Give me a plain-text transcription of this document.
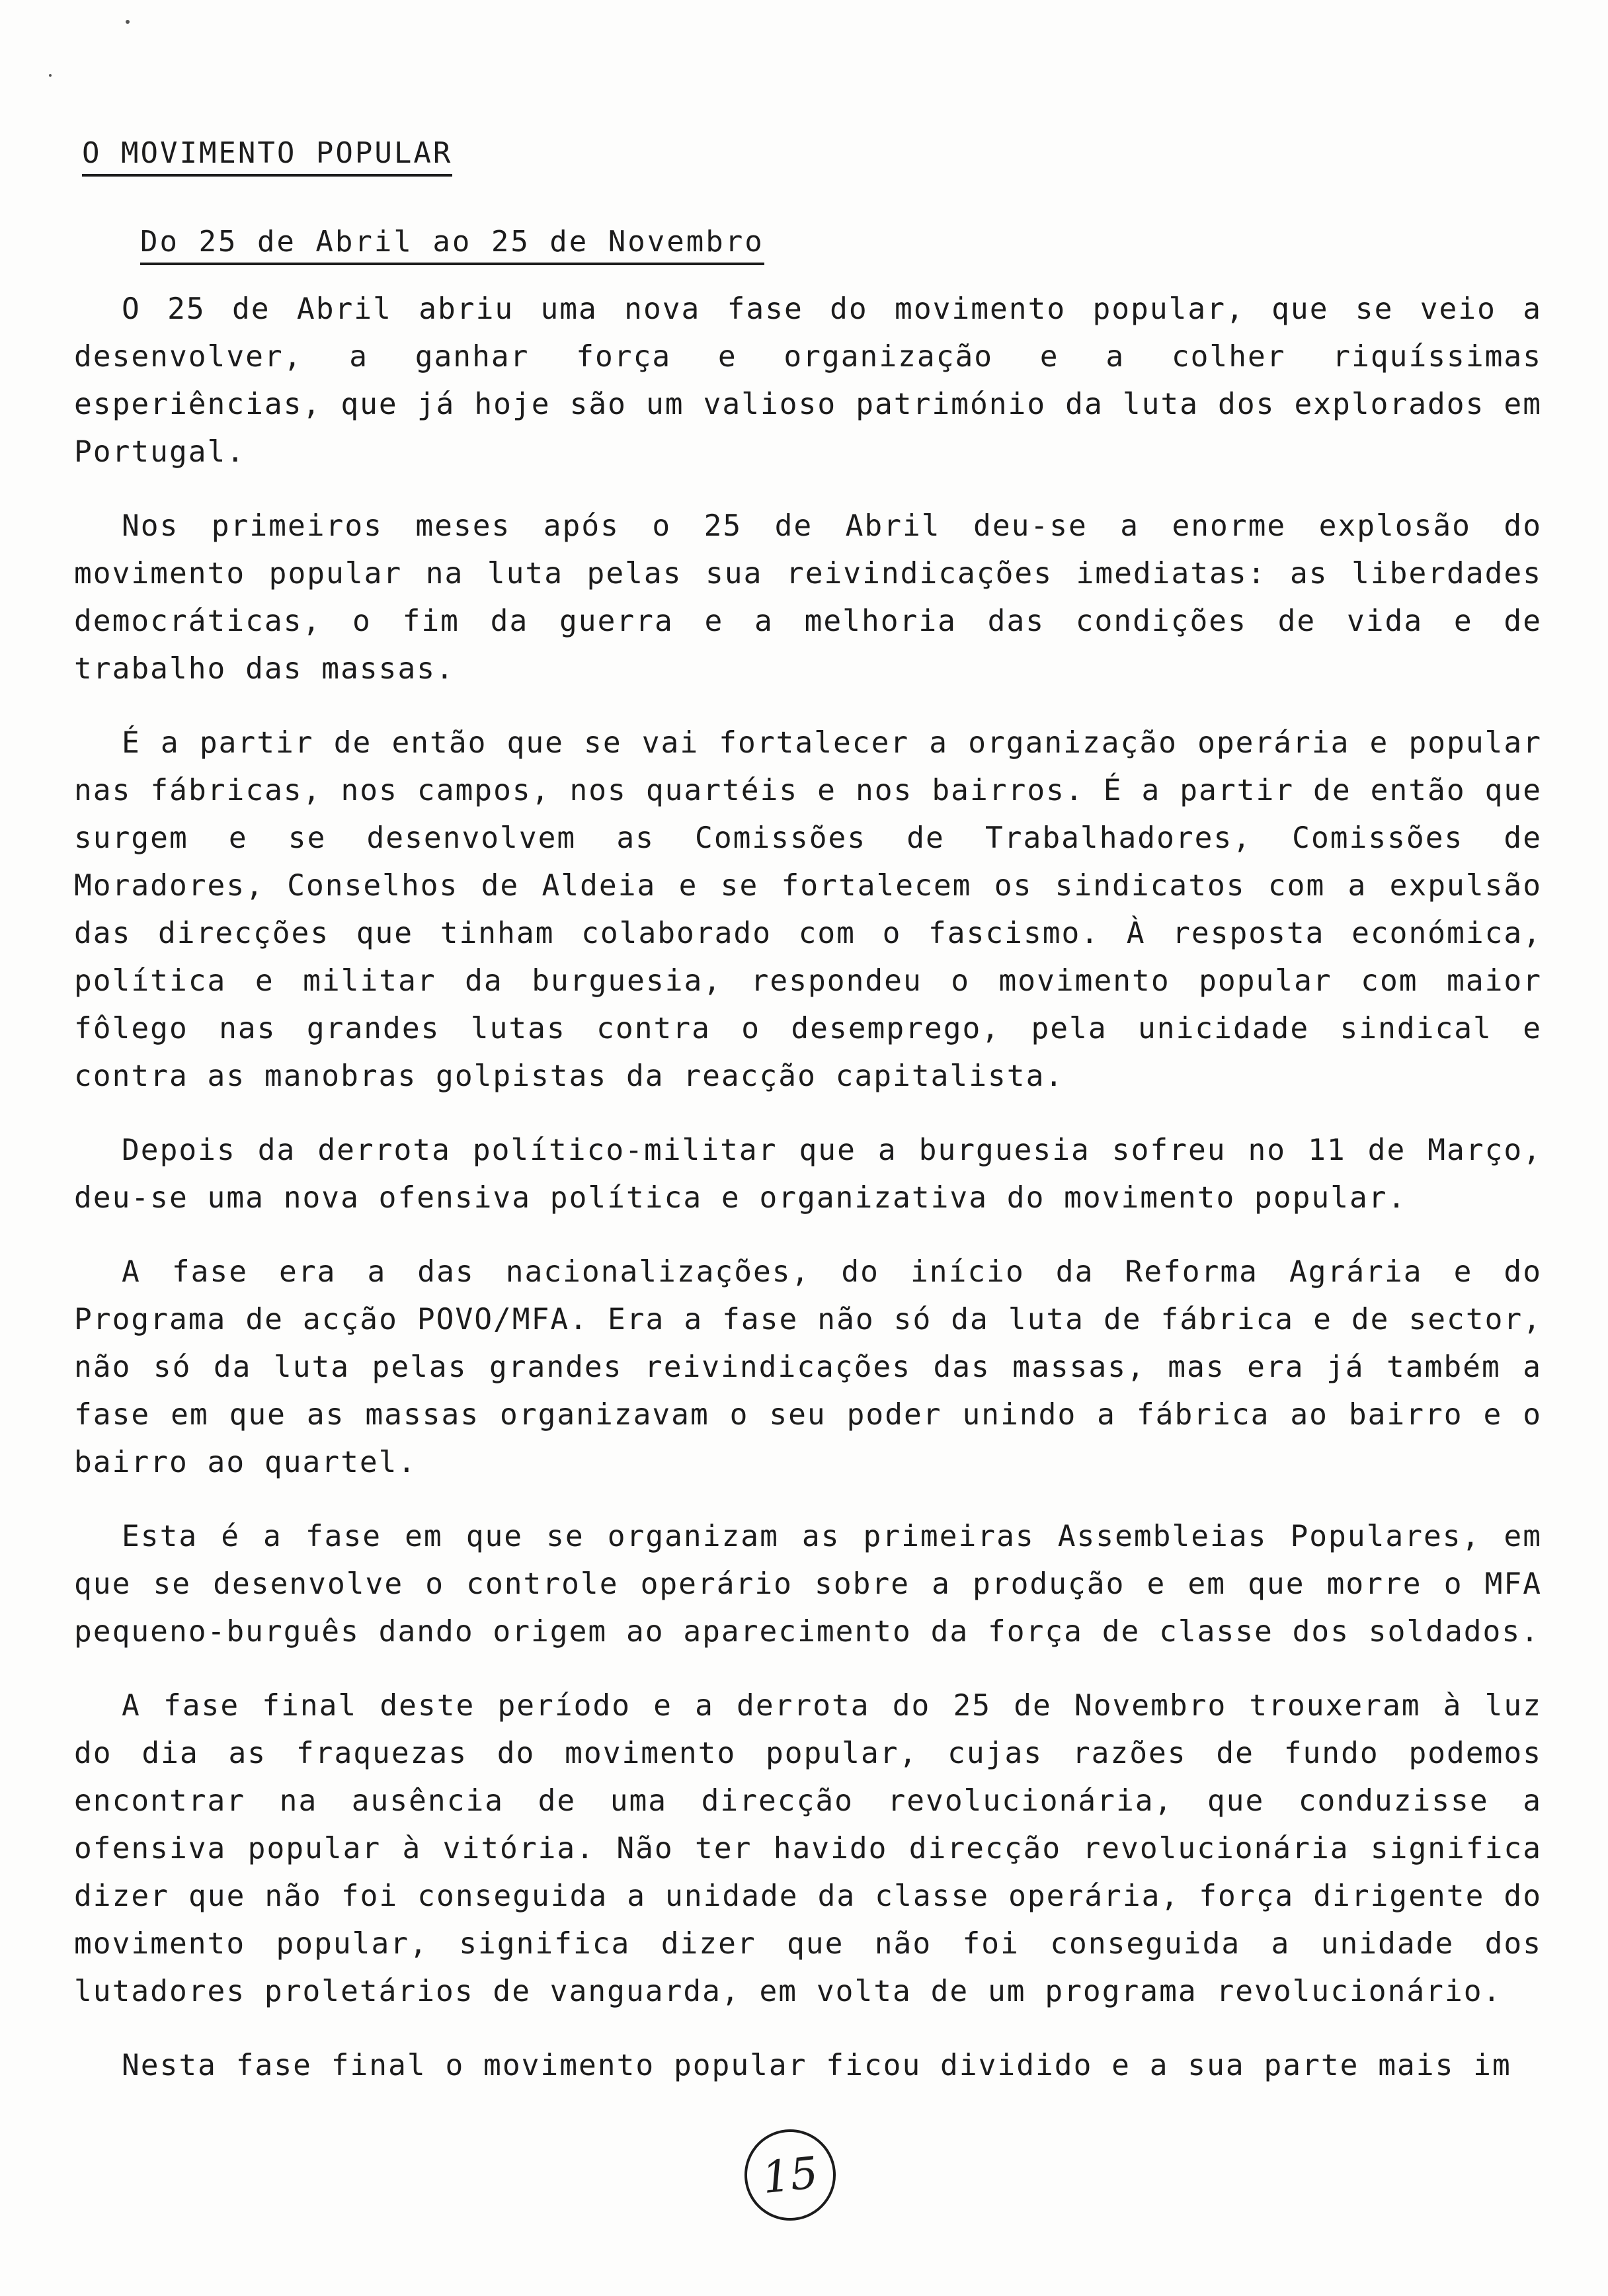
O MOVIMENTO POPULAR
Do 25 de Abril ao 25 de Novembro

O 25 de Abril abriu uma nova fase do movimento popular, que se veio a desenvolver, a ganhar força e organização e a colher riquíssimas esperiências, que já hoje são um valioso património da luta dos explorados em Portugal.

Nos primeiros meses após o 25 de Abril deu-se a enorme explosão do movimento popular na luta pelas sua reivindicações imediatas: as liberdades democráticas, o fim da guerra e a melhoria das condições de vida e de trabalho das massas.

É a partir de então que se vai fortalecer a organização operária e popular nas fábricas, nos campos, nos quartéis e nos bairros. É a partir de então que surgem e se desenvolvem as Comissões de Trabalhadores, Comissões de Moradores, Conselhos de Aldeia e se fortalecem os sindicatos com a expulsão das direcções que tinham colaborado com o fascismo. À resposta económica, política e militar da burguesia, respondeu o movimento popular com maior fôlego nas grandes lutas contra o desemprego, pela unicidade sindical e contra as manobras golpistas da reacção capitalista.

Depois da derrota político-militar que a burguesia sofreu no 11 de Março, deu-se uma nova ofensiva política e organizativa do movimento popular.

A fase era a das nacionalizações, do início da Reforma Agrária e do Programa de acção POVO/MFA. Era a fase não só da luta de fábrica e de sector, não só da luta pelas grandes reivindicações das massas, mas era já também a fase em que as massas organizavam o seu poder unindo a fábrica ao bairro e o bairro ao quartel.

Esta é a fase em que se organizam as primeiras Assembleias Populares, em que se desenvolve o controle operário sobre a produção e em que morre o MFA pequeno-burguês dando origem ao aparecimento da força de classe dos soldados.

A fase final deste período e a derrota do 25 de Novembro trouxeram à luz do dia as fraquezas do movimento popular, cujas razões de fundo podemos encontrar na ausência de uma direcção revolucionária, que conduzisse a ofensiva popular à vitória. Não ter havido direcção revolucionária significa dizer que não foi conseguida a unidade da classe operária, força dirigente do movimento popular, significa dizer que não foi conseguida a unidade dos lutadores proletários de vanguarda, em volta de um programa revolucionário.

Nesta fase final o movimento popular ficou dividido e a sua parte mais im

15
